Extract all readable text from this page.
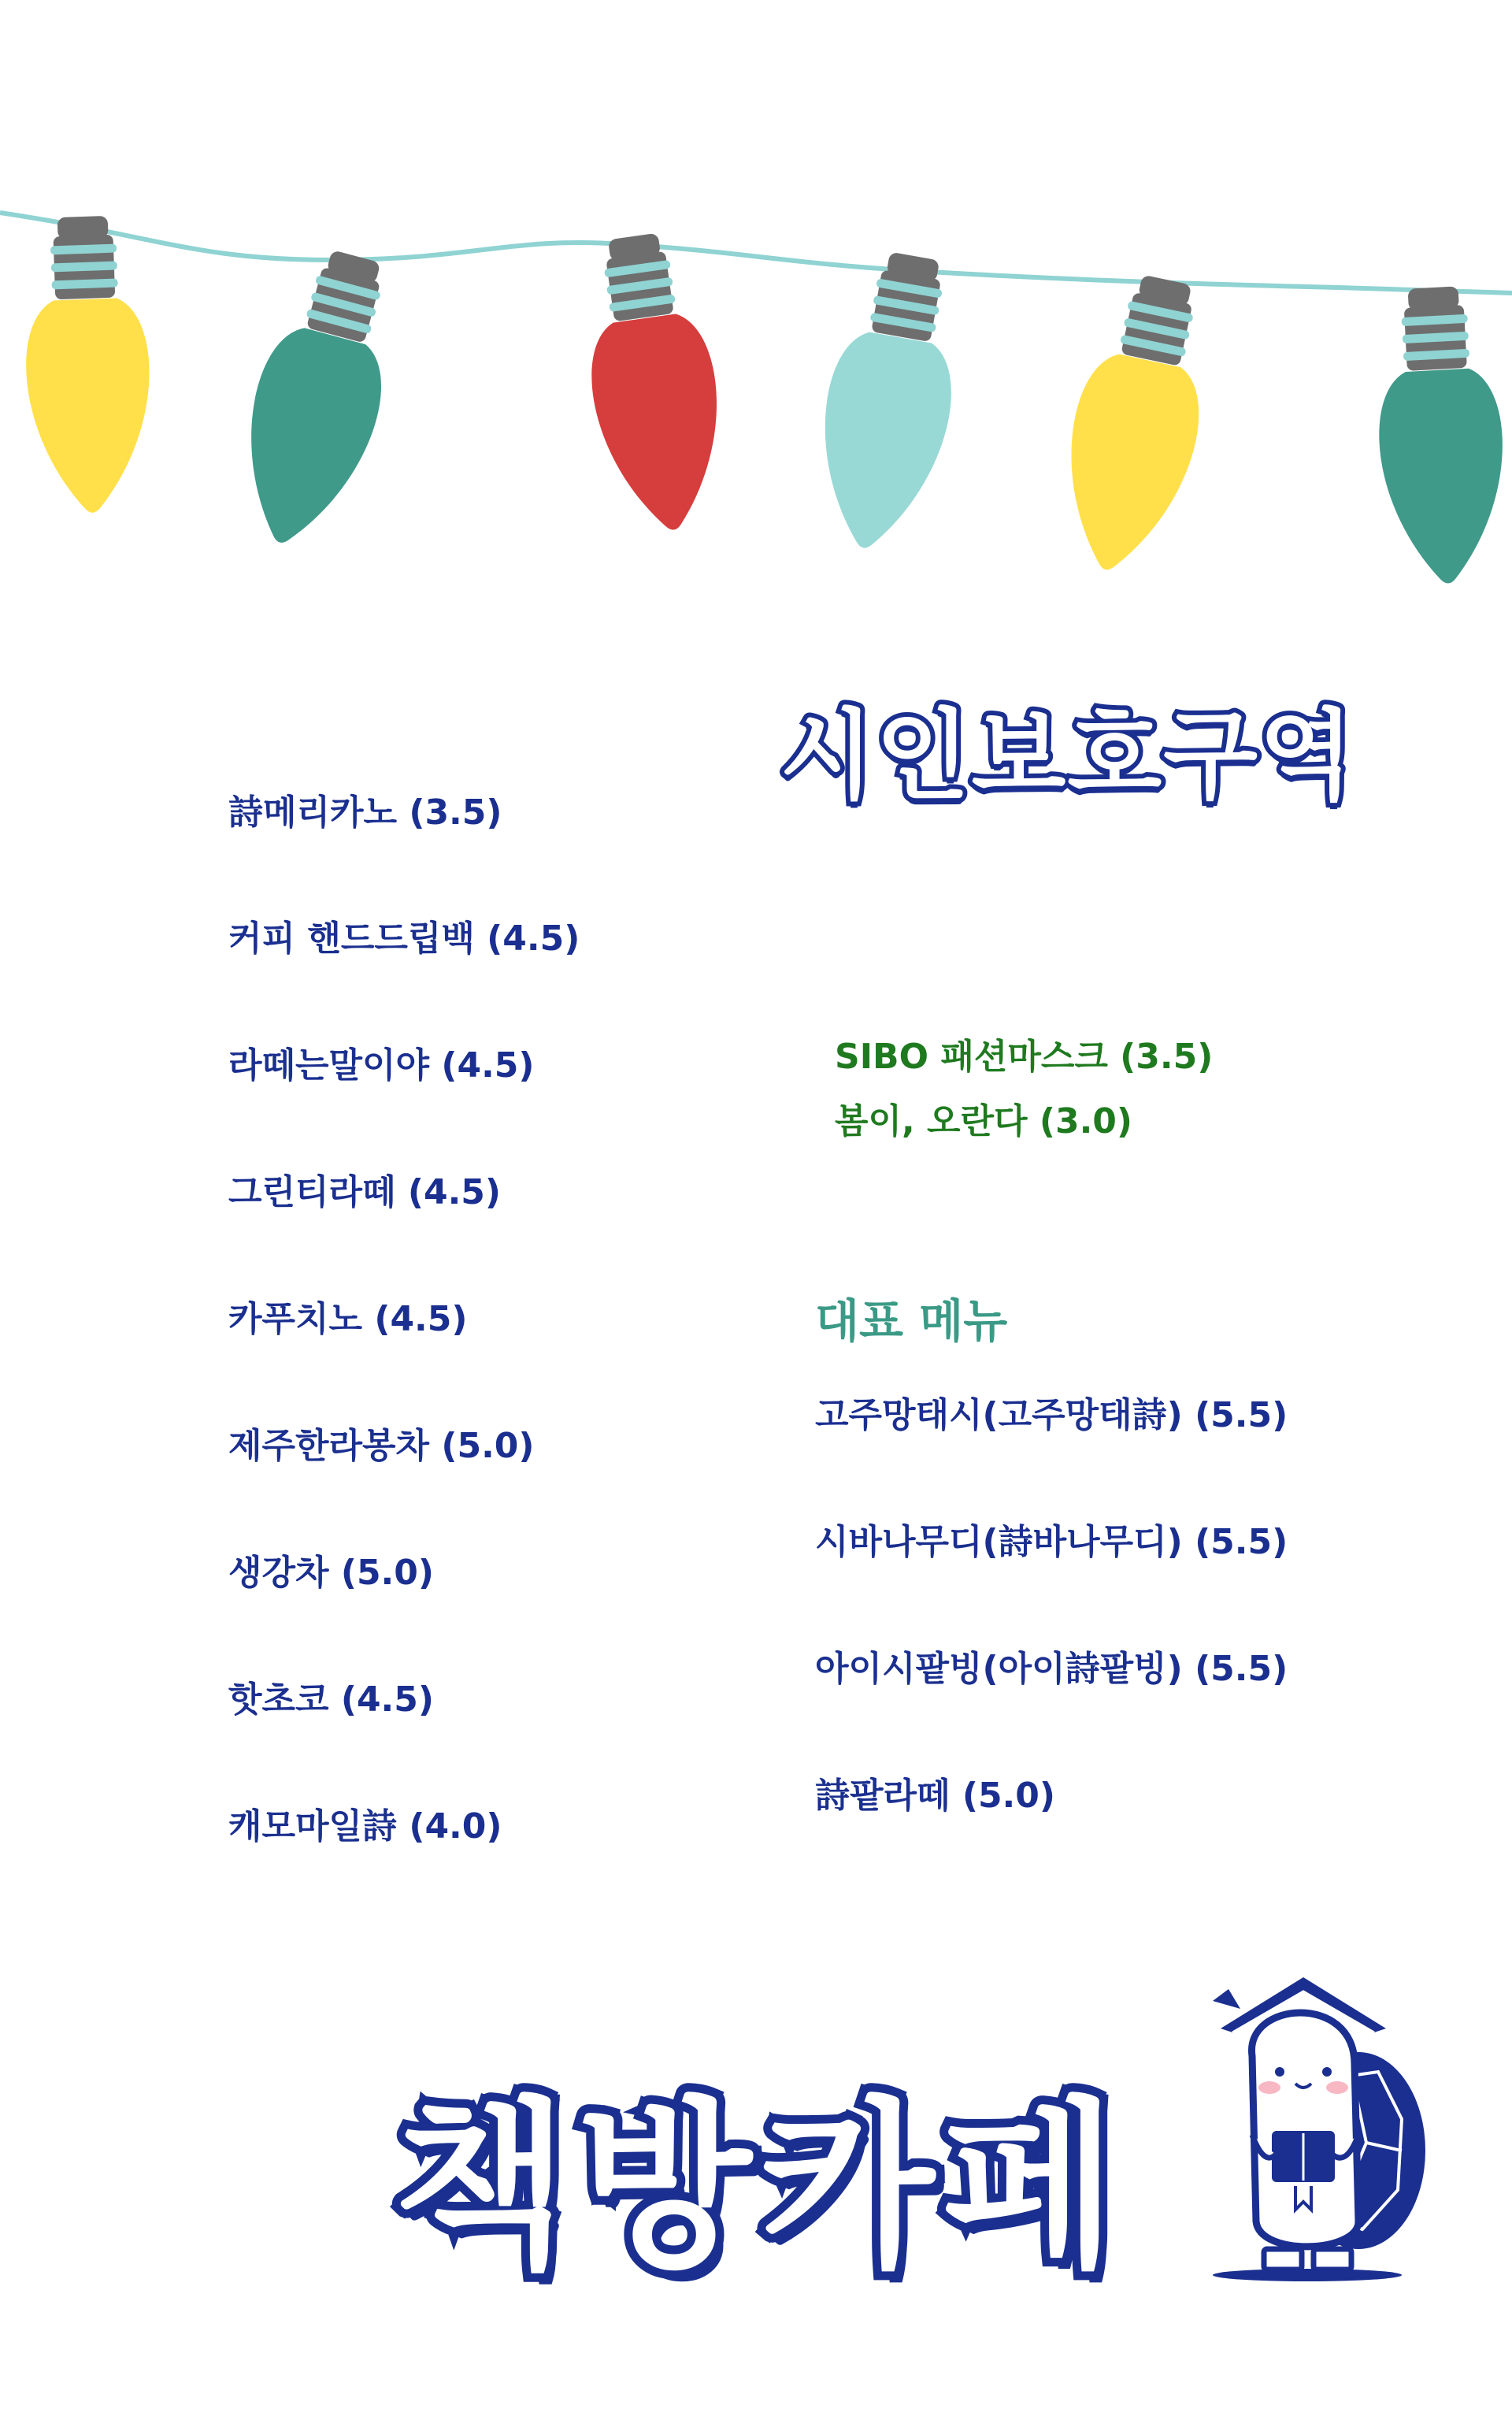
시인보호구역
詩메리카노 (3.5)
커피 핸드드립백 (4.5)
라떼는말이야 (4.5)
그린티라떼 (4.5)
카푸치노 (4.5)
제주한라봉차 (5.0)
생강차 (5.0)
핫초코 (4.5)
캐모마일詩 (4.0)
SIBO 패션마스크 (3.5)
봄이, 오란다 (3.0)
대표 메뉴
고주망태시(고주망태詩) (5.5)
시바나무디(詩바나무디) (5.5)
아이시팥빙(아이詩팥빙) (5.5)
詩팥라떼 (5.0)
책방카페
